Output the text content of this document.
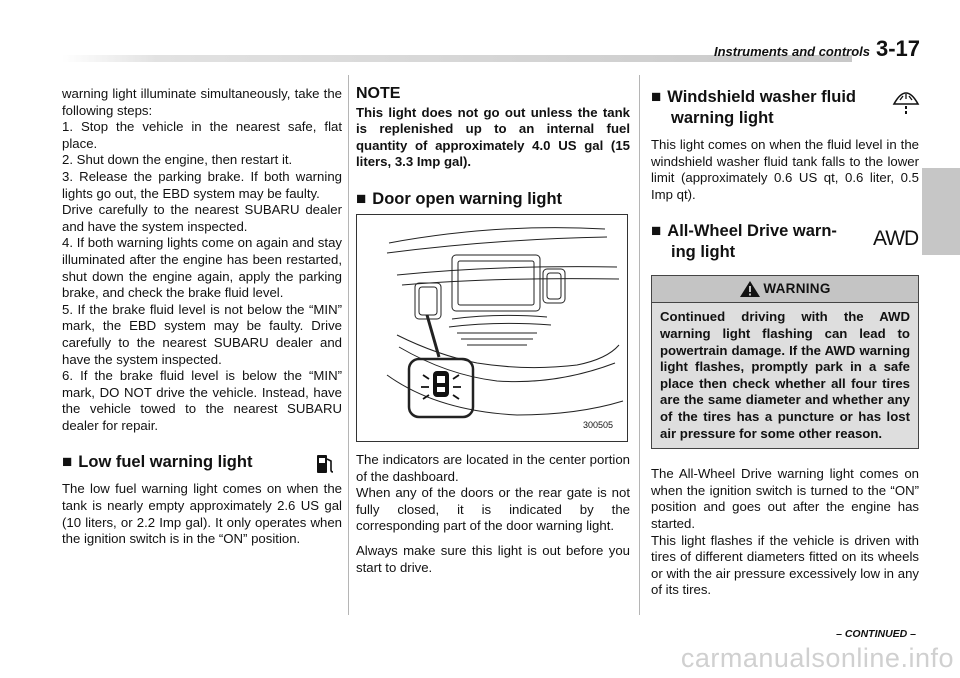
Instruments and controls 3-17

warning light illuminate simultaneously, take the following steps:

1. Stop the vehicle in the nearest safe, flat place.

2. Shut down the engine, then restart it.

3. Release the parking brake. If both warning lights go out, the EBD system may be faulty.

Drive carefully to the nearest SUBARU dealer and have the system inspected.

4. If both warning lights come on again and stay illuminated after the engine has been restarted, shut down the engine again, apply the parking brake, and check the brake fluid level.

5. If the brake fluid level is not below the “MIN” mark, the EBD system may be faulty. Drive carefully to the nearest SUBARU dealer and have the system inspected.

6. If the brake fluid level is below the “MIN” mark, DO NOT drive the vehicle. Instead, have the vehicle towed to the nearest SUBARU dealer for repair.

■ Low fuel warning light

The low fuel warning light comes on when the tank is nearly empty approximately 2.6 US gal (10 liters, or 2.2 Imp gal). It only operates when the ignition switch is in the “ON” position.

NOTE

This light does not go out unless the tank is replenished up to an internal fuel quantity of approximately 4.0 US gal (15 liters, 3.3 Imp gal).

■ Door open warning light
300505

The indicators are located in the center portion of the dashboard.

When any of the doors or the rear gate is not fully closed, it is indicated by the corresponding part of the door warning light.

Always make sure this light is out before you start to drive.

■ Windshield washer fluid
warning light

This light comes on when the fluid level in the windshield washer fluid tank falls to the lower limit (approximately 0.6 US qt, 0.6 liter, 0.5 Imp qt).

■ All-Wheel Drive warn-
ing light
AWD
WARNING
Continued driving with the AWD warning light flashing can lead to powertrain damage. If the AWD warning light flashes, promptly park in a safe place then check whether all four tires are the same diameter and whether any of the tires has a puncture or has lost air pressure for some other reason.

The All-Wheel Drive warning light comes on when the ignition switch is turned to the “ON” position and goes out after the engine has started.

This light flashes if the vehicle is driven with tires of different diameters fitted on its wheels or with the air pressure excessively low in any of its tires.

– CONTINUED –
carmanualsonline.info
